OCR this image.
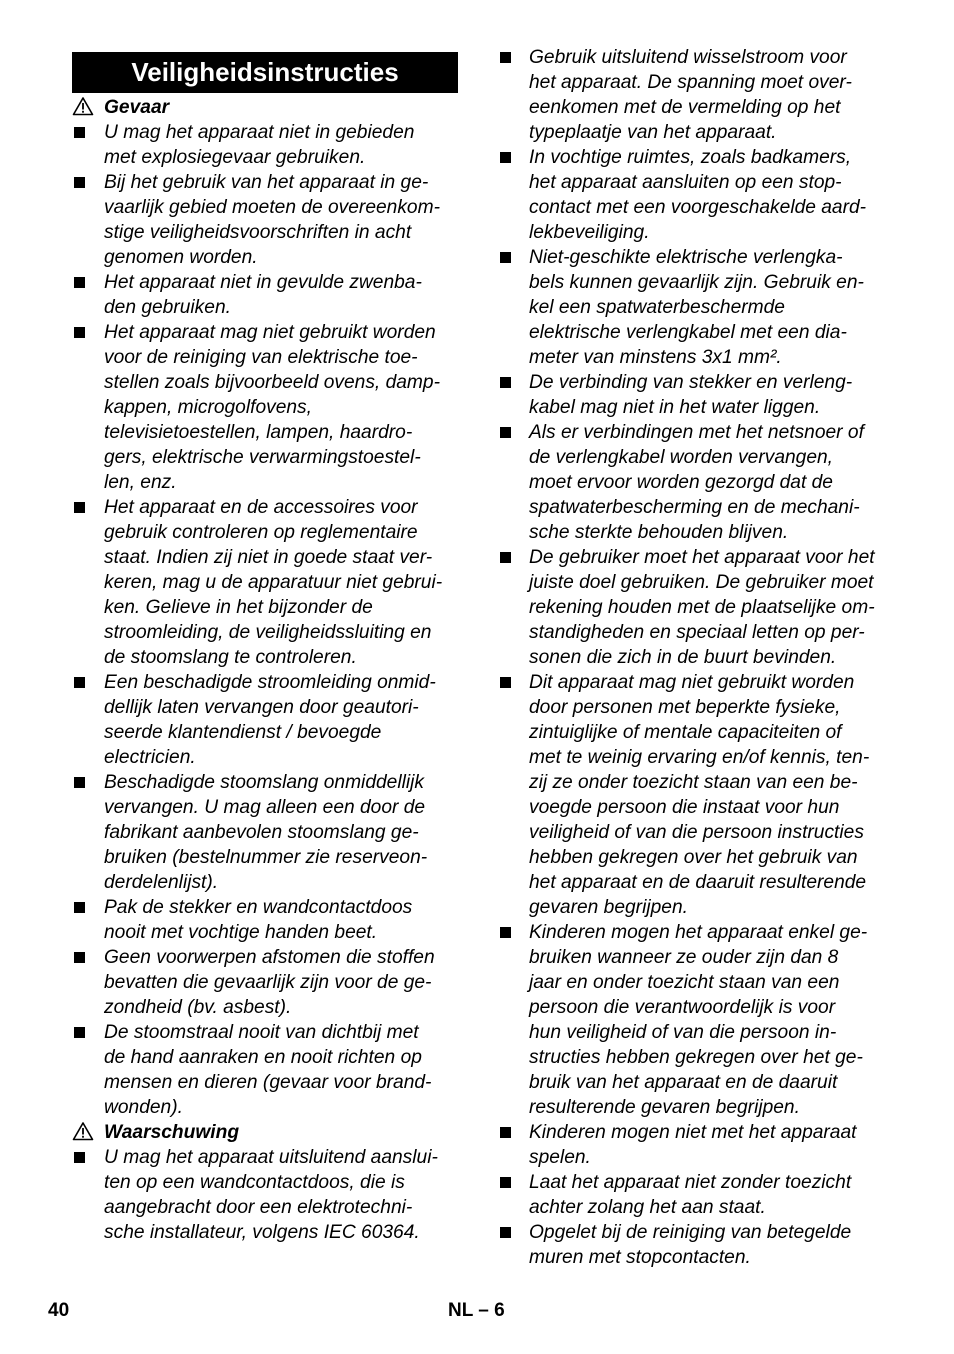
Veiligheidsinstructies
Gevaar
U mag het apparaat niet in gebieden
met explosiegevaar gebruiken.
Bij het gebruik van het apparaat in ge-
vaarlijk gebied moeten de overeenkom-
stige veiligheidsvoorschriften in acht
genomen worden.
Het apparaat niet in gevulde zwenba-
den gebruiken.
Het apparaat mag niet gebruikt worden
voor de reiniging van elektrische toe-
stellen zoals bijvoorbeeld ovens, damp-
kappen, microgolfovens,
televisietoestellen, lampen, haardro-
gers, elektrische verwarmingstoestel-
len, enz.
Het apparaat en de accessoires voor
gebruik controleren op reglementaire
staat. Indien zij niet in goede staat ver-
keren, mag u de apparatuur niet gebrui-
ken. Gelieve in het bijzonder de
stroomleiding, de veiligheidssluiting en
de stoomslang te controleren.
Een beschadigde stroomleiding onmid-
dellijk laten vervangen door geautori-
seerde klantendienst / bevoegde
electricien.
Beschadigde stoomslang onmiddellijk
vervangen. U mag alleen een door de
fabrikant aanbevolen stoomslang ge-
bruiken (bestelnummer zie reserveon-
derdelenlijst).
Pak de stekker en wandcontactdoos
nooit met vochtige handen beet.
Geen voorwerpen afstomen die stoffen
bevatten die gevaarlijk zijn voor de ge-
zondheid (bv. asbest).
De stoomstraal nooit van dichtbij met
de hand aanraken en nooit richten op
mensen en dieren (gevaar voor brand-
wonden).
Waarschuwing
U mag het apparaat uitsluitend aanslui-
ten op een wandcontactdoos, die is
aangebracht door een elektrotechni-
sche installateur, volgens IEC 60364.
Gebruik uitsluitend wisselstroom voor
het apparaat. De spanning moet over-
eenkomen met de vermelding op het
typeplaatje van het apparaat.
In vochtige ruimtes, zoals badkamers,
het apparaat aansluiten op een stop-
contact met een voorgeschakelde aard-
lekbeveiliging.
Niet-geschikte elektrische verlengka-
bels kunnen gevaarlijk zijn. Gebruik en-
kel een spatwaterbeschermde
elektrische verlengkabel met een dia-
meter van minstens 3x1 mm².
De verbinding van stekker en verleng-
kabel mag niet in het water liggen.
Als er verbindingen met het netsnoer of
de verlengkabel worden vervangen,
moet ervoor worden gezorgd dat de
spatwaterbescherming en de mechani-
sche sterkte behouden blijven.
De gebruiker moet het apparaat voor het
juiste doel gebruiken. De gebruiker moet
rekening houden met de plaatselijke om-
standigheden en speciaal letten op per-
sonen die zich in de buurt bevinden.
Dit apparaat mag niet gebruikt worden
door personen met beperkte fysieke,
zintuiglijke of mentale capaciteiten of
met te weinig ervaring en/of kennis, ten-
zij ze onder toezicht staan van een be-
voegde persoon die instaat voor hun
veiligheid of van die persoon instructies
hebben gekregen over het gebruik van
het apparaat en de daaruit resulterende
gevaren begrijpen.
Kinderen mogen het apparaat enkel ge-
bruiken wanneer ze ouder zijn dan 8
jaar en onder toezicht staan van een
persoon die verantwoordelijk is voor
hun veiligheid of van die persoon in-
structies hebben gekregen over het ge-
bruik van het apparaat en de daaruit
resulterende gevaren begrijpen.
Kinderen mogen niet met het apparaat
spelen.
Laat het apparaat niet zonder toezicht
achter zolang het aan staat.
Opgelet bij de reiniging van betegelde
muren met stopcontacten.
40	NL – 6
